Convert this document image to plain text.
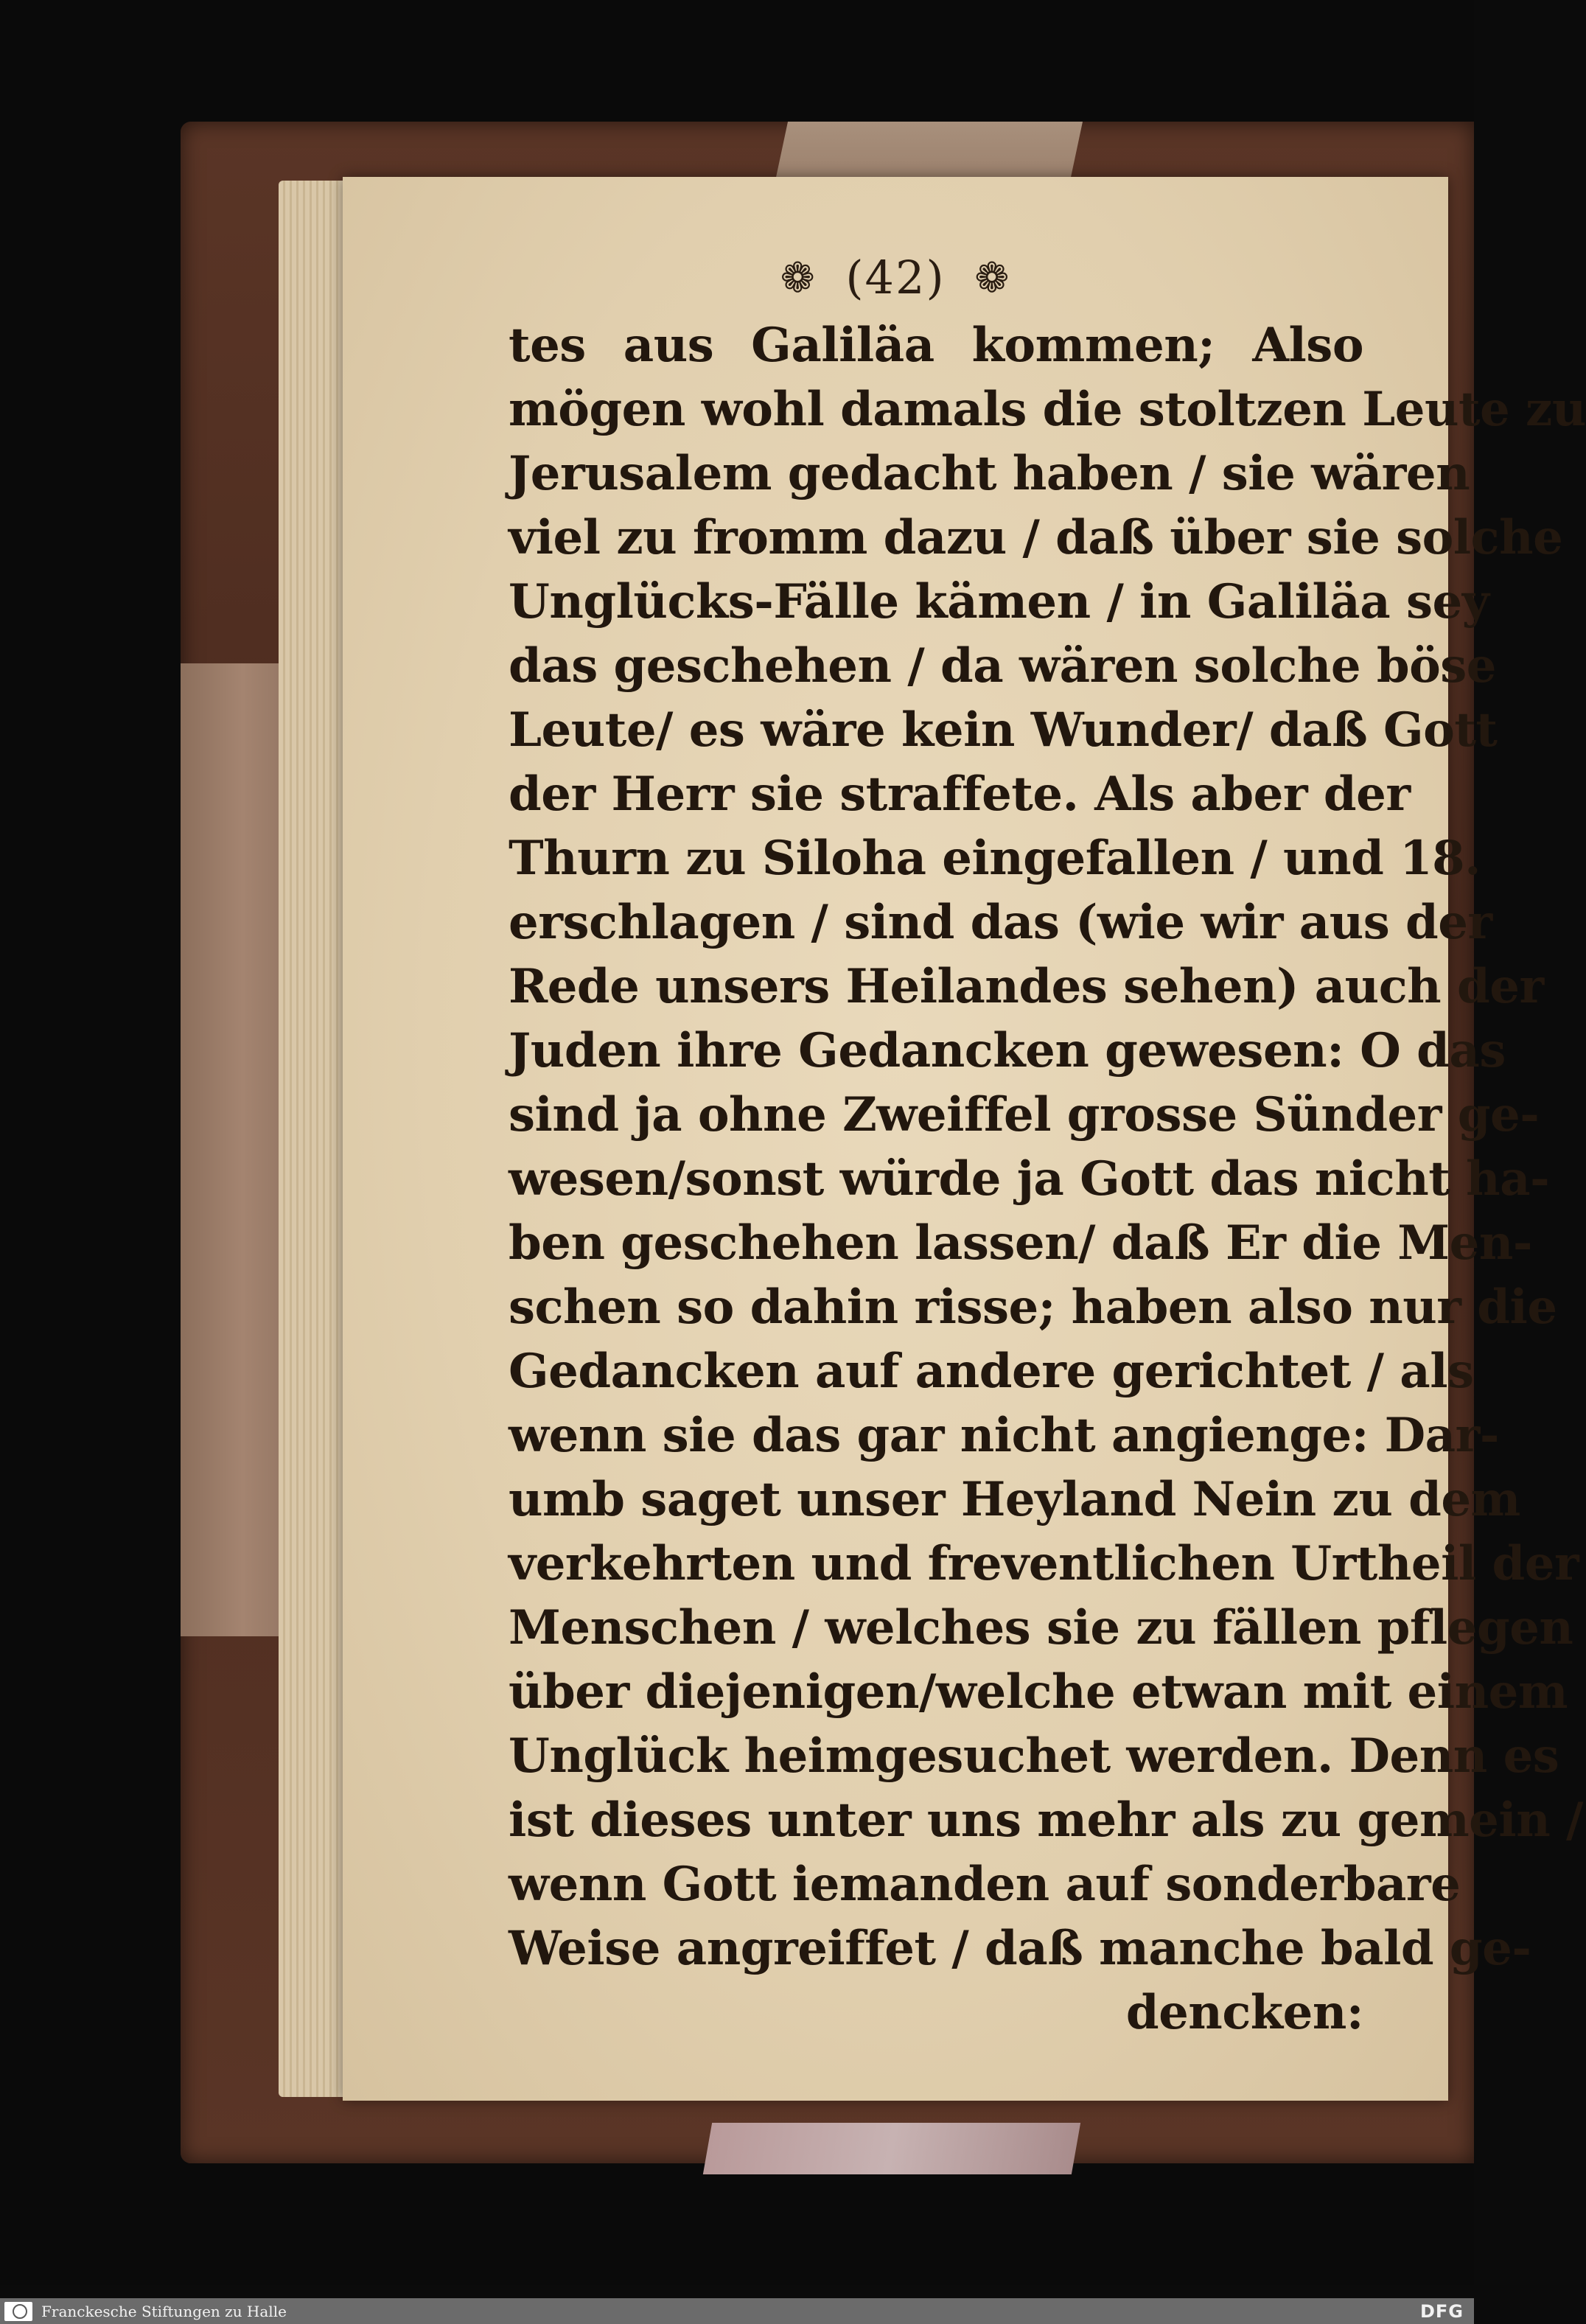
❁ (42) ❁
tes aus Galiläa kommen; Also
mögen wohl damals die stoltzen Leute zu
Jerusalem gedacht haben / sie wären
viel zu fromm dazu / daß über sie solche
Unglücks-Fälle kämen / in Galiläa sey
das geschehen / da wären solche böse
Leute/ es wäre kein Wunder/ daß Gott
der Herr sie straffete. Als aber der
Thurn zu Siloha eingefallen / und 18.
erschlagen / sind das (wie wir aus der
Rede unsers Heilandes sehen) auch der
Juden ihre Gedancken gewesen: O das
sind ja ohne Zweiffel grosse Sünder ge-
wesen/sonst würde ja Gott das nicht ha-
ben geschehen lassen/ daß Er die Men-
schen so dahin risse; haben also nur die
Gedancken auf andere gerichtet / als
wenn sie das gar nicht angienge: Dar-
umb saget unser Heyland Nein zu dem
verkehrten und freventlichen Urtheil der
Menschen / welches sie zu fällen pflegen
über diejenigen/welche etwan mit einem
Unglück heimgesuchet werden. Denn es
ist dieses unter uns mehr als zu gemein /
wenn Gott iemanden auf sonderbare
Weise angreiffet / daß manche bald ge-
dencken:
Franckesche Stiftungen zu Halle	DFG
